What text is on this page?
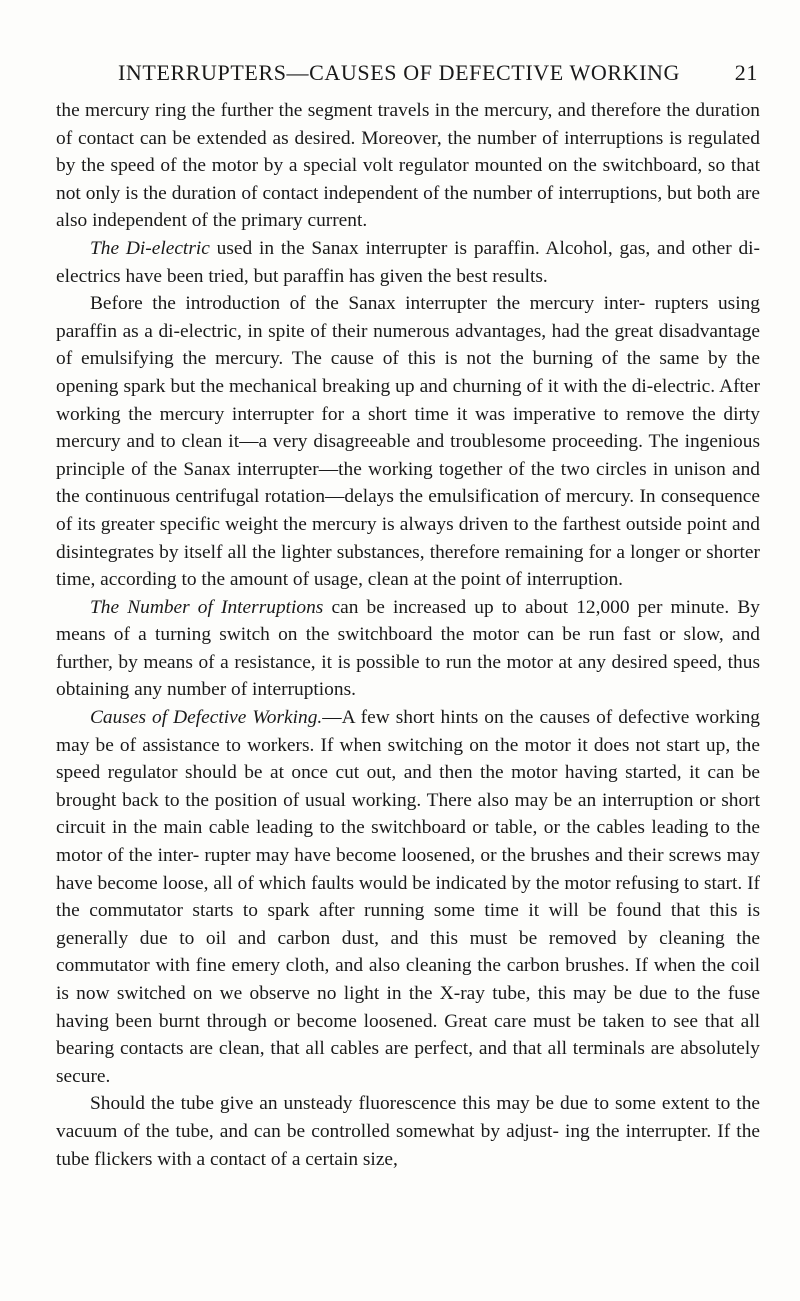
INTERRUPTERS—CAUSES OF DEFECTIVE WORKING 21

the mercury ring the further the segment travels in the mercury, and therefore the duration of contact can be extended as desired. Moreover, the number of interruptions is regulated by the speed of the motor by a special volt regulator mounted on the switchboard, so that not only is the duration of contact independent of the number of interruptions, but both are also independent of the primary current.

The Di-electric used in the Sanax interrupter is paraffin. Alcohol, gas, and other di-electrics have been tried, but paraffin has given the best results.

Before the introduction of the Sanax interrupter the mercury inter- rupters using paraffin as a di-electric, in spite of their numerous advantages, had the great disadvantage of emulsifying the mercury. The cause of this is not the burning of the same by the opening spark but the mechanical breaking up and churning of it with the di-electric. After working the mercury interrupter for a short time it was imperative to remove the dirty mercury and to clean it—a very disagreeable and troublesome proceeding. The ingenious principle of the Sanax interrupter—the working together of the two circles in unison and the continuous centrifugal rotation—delays the emulsification of mercury. In consequence of its greater specific weight the mercury is always driven to the farthest outside point and disintegrates by itself all the lighter substances, therefore remaining for a longer or shorter time, according to the amount of usage, clean at the point of interruption.

The Number of Interruptions can be increased up to about 12,000 per minute. By means of a turning switch on the switchboard the motor can be run fast or slow, and further, by means of a resistance, it is possible to run the motor at any desired speed, thus obtaining any number of interruptions.

Causes of Defective Working.—A few short hints on the causes of defective working may be of assistance to workers. If when switching on the motor it does not start up, the speed regulator should be at once cut out, and then the motor having started, it can be brought back to the position of usual working. There also may be an interruption or short circuit in the main cable leading to the switchboard or table, or the cables leading to the motor of the inter- rupter may have become loosened, or the brushes and their screws may have become loose, all of which faults would be indicated by the motor refusing to start. If the commutator starts to spark after running some time it will be found that this is generally due to oil and carbon dust, and this must be removed by cleaning the commutator with fine emery cloth, and also cleaning the carbon brushes. If when the coil is now switched on we observe no light in the X-ray tube, this may be due to the fuse having been burnt through or become loosened. Great care must be taken to see that all bearing contacts are clean, that all cables are perfect, and that all terminals are absolutely secure.

Should the tube give an unsteady fluorescence this may be due to some extent to the vacuum of the tube, and can be controlled somewhat by adjust- ing the interrupter. If the tube flickers with a contact of a certain size,
